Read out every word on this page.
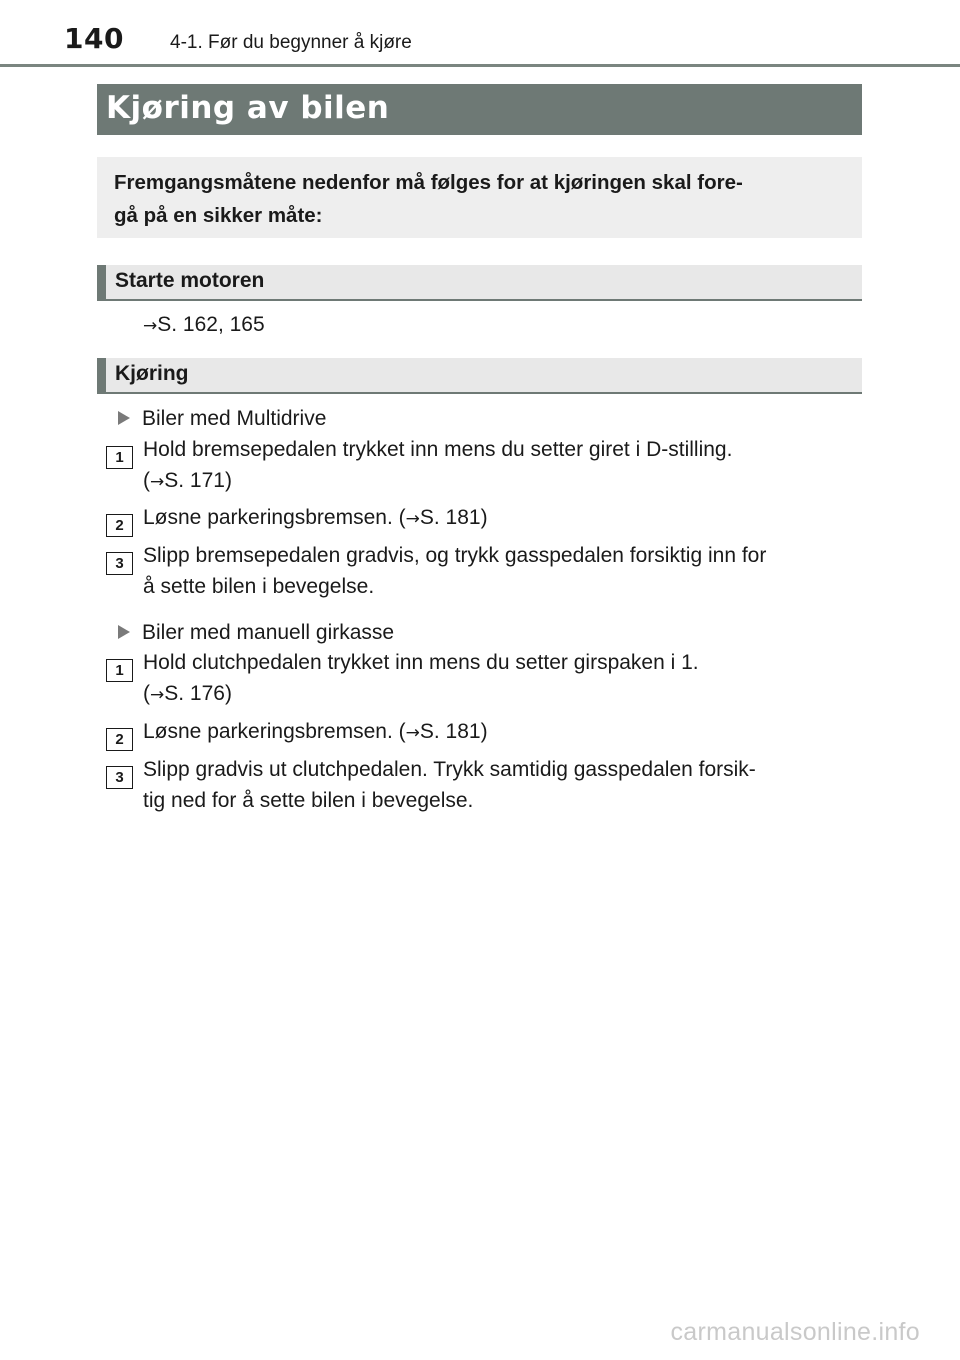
140 4-1. Før du begynner å kjøre
Kjøring av bilen
Fremgangsmåtene nedenfor må følges for at kjøringen skal fore-
gå på en sikker måte:
Starte motoren
→S. 162, 165
Kjøring
Biler med Multidrive
1 Hold bremsepedalen trykket inn mens du setter giret i D-stilling.
(→S. 171)
2 Løsne parkeringsbremsen. (→S. 181)
3 Slipp bremsepedalen gradvis, og trykk gasspedalen forsiktig inn for
å sette bilen i bevegelse.
Biler med manuell girkasse
1 Hold clutchpedalen trykket inn mens du setter girspaken i 1.
(→S. 176)
2 Løsne parkeringsbremsen. (→S. 181)
3 Slipp gradvis ut clutchpedalen. Trykk samtidig gasspedalen forsik-
tig ned for å sette bilen i bevegelse.
carmanualsonline.info
